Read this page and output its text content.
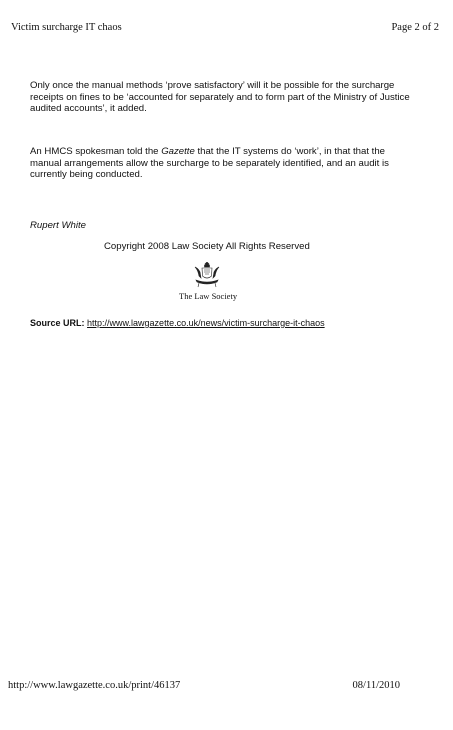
Victim surcharge IT chaos	Page 2 of 2

Only once the manual methods ‘prove satisfactory’ will it be possible for the surcharge receipts on fines to be ‘accounted for separately and to form part of the Ministry of Justice audited accounts’, it added.

An HMCS spokesman told the Gazette that the IT systems do ‘work’, in that that the manual arrangements allow the surcharge to be separately identified, and an audit is currently being conducted.

Rupert White
Copyright 2008 Law Society All Rights Reserved
The Law Society
Source URL: http://www.lawgazette.co.uk/news/victim-surcharge-it-chaos
http://www.lawgazette.co.uk/print/46137	08/11/2010
